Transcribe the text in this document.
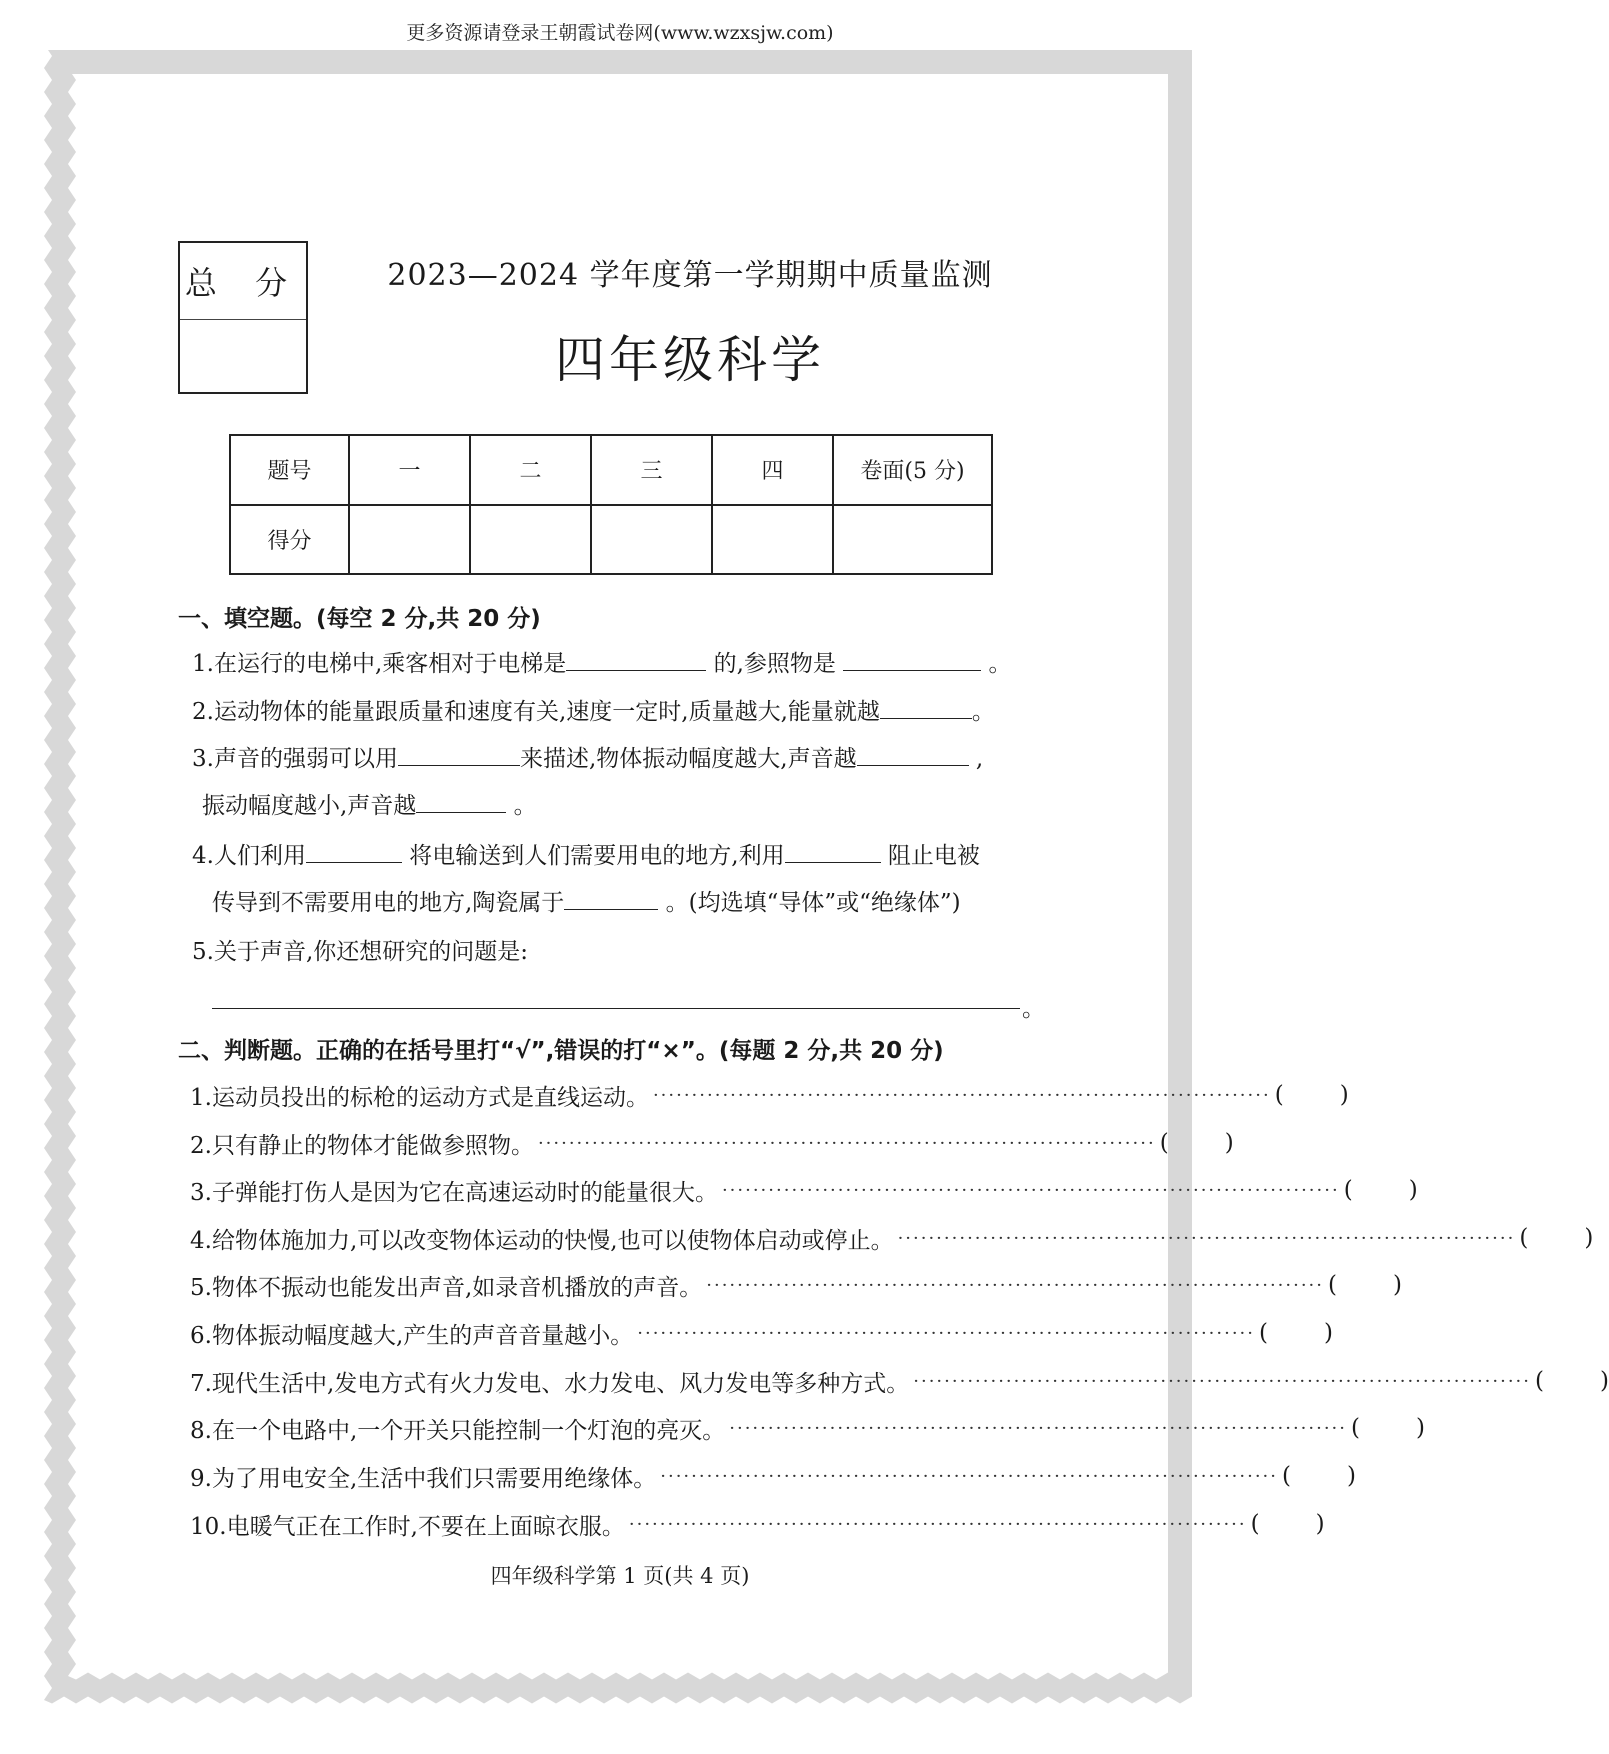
更多资源请登录王朝霞试卷网(www.wzxsjw.com)
总 分	2023—2024 学年度第一学期期中质量监测
四年级科学
题号	一	二	三	四	卷面(5 分)
得分					
一、填空题。(每空 2 分,共 20 分)
1.在运行的电梯中,乘客相对于电梯是	的,参照物是	。
2.运动物体的能量跟质量和速度有关,速度一定时,质量越大,能量就越	。
3.声音的强弱可以用	来描述,物体振动幅度越大,声音越	,
振动幅度越小,声音越	。
4.人们利用	将电输送到人们需要用电的地方,利用	阻止电被
传导到不需要用电的地方,陶瓷属于	。(均选填“导体”或“绝缘体”)
5.关于声音,你还想研究的问题是:
。
二、判断题。正确的在括号里打“√”,错误的打“×”。(每题 2 分,共 20 分)
1.运动员投出的标枪的运动方式是直线运动。 ················································································ ( )
2.只有静止的物体才能做参照物。 ················································································ ( )
3.子弹能打伤人是因为它在高速运动时的能量很大。 ················································································ ( )
4.给物体施加力,可以改变物体运动的快慢,也可以使物体启动或停止。 ················································································ ( )
5.物体不振动也能发出声音,如录音机播放的声音。 ················································································ ( )
6.物体振动幅度越大,产生的声音音量越小。 ················································································ ( )
7.现代生活中,发电方式有火力发电、水力发电、风力发电等多种方式。 ················································································ ( )
8.在一个电路中,一个开关只能控制一个灯泡的亮灭。 ················································································ ( )
9.为了用电安全,生活中我们只需要用绝缘体。 ················································································ ( )
10.电暖气正在工作时,不要在上面晾衣服。 ················································································ ( )
四年级科学第 1 页(共 4 页)
